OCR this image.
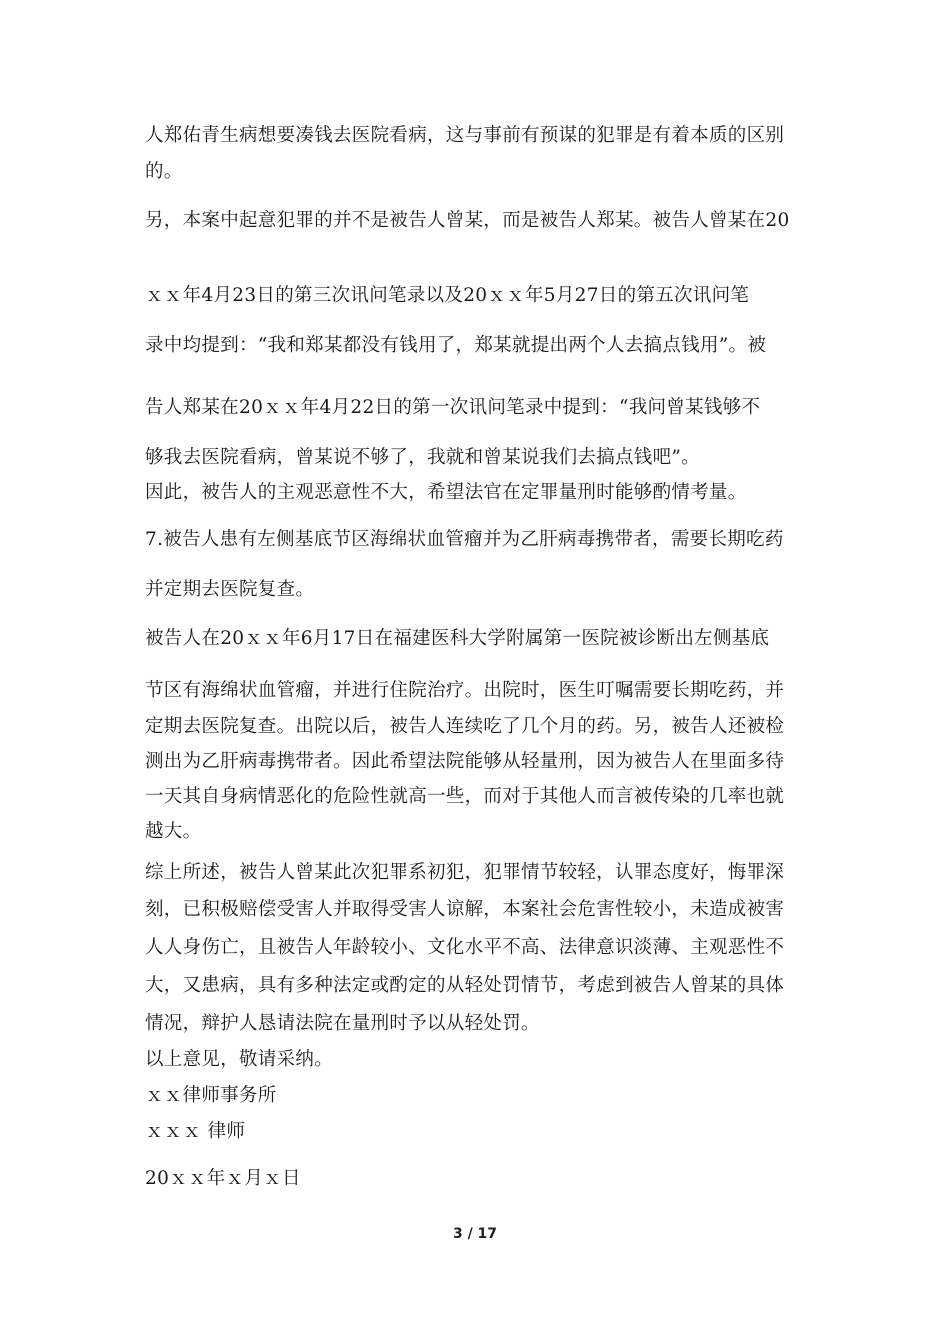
人郑佑青生病想要凑钱去医院看病，这与事前有预谋的犯罪是有着本质的区别
的。
另，本案中起意犯罪的并不是被告人曾某，而是被告人郑某。被告人曾某在20
ｘｘ年4月23日的第三次讯问笔录以及20ｘｘ年5月27日的第五次讯问笔
录中均提到：“我和郑某都没有钱用了，郑某就提出两个人去搞点钱用”。被
告人郑某在20ｘｘ年4月22日的第一次讯问笔录中提到：“我问曾某钱够不
够我去医院看病，曾某说不够了，我就和曾某说我们去搞点钱吧”。
因此，被告人的主观恶意性不大，希望法官在定罪量刑时能够酌情考量。
7.被告人患有左侧基底节区海绵状血管瘤并为乙肝病毒携带者，需要长期吃药
并定期去医院复查。
被告人在20ｘｘ年6月17日在福建医科大学附属第一医院被诊断出左侧基底
节区有海绵状血管瘤，并进行住院治疗。出院时，医生叮嘱需要长期吃药，并
定期去医院复查。出院以后，被告人连续吃了几个月的药。另，被告人还被检
测出为乙肝病毒携带者。因此希望法院能够从轻量刑，因为被告人在里面多待
一天其自身病情恶化的危险性就高一些，而对于其他人而言被传染的几率也就
越大。
综上所述，被告人曾某此次犯罪系初犯，犯罪情节较轻，认罪态度好，悔罪深
刻，已积极赔偿受害人并取得受害人谅解，本案社会危害性较小，未造成被害
人人身伤亡，且被告人年龄较小、文化水平不高、法律意识淡薄、主观恶性不
大，又患病，具有多种法定或酌定的从轻处罚情节，考虑到被告人曾某的具体
情况，辩护人恳请法院在量刑时予以从轻处罚。
以上意见，敬请采纳。
ｘｘ律师事务所
ｘｘｘ 律师
20ｘｘ年ｘ月ｘ日
3 / 17
